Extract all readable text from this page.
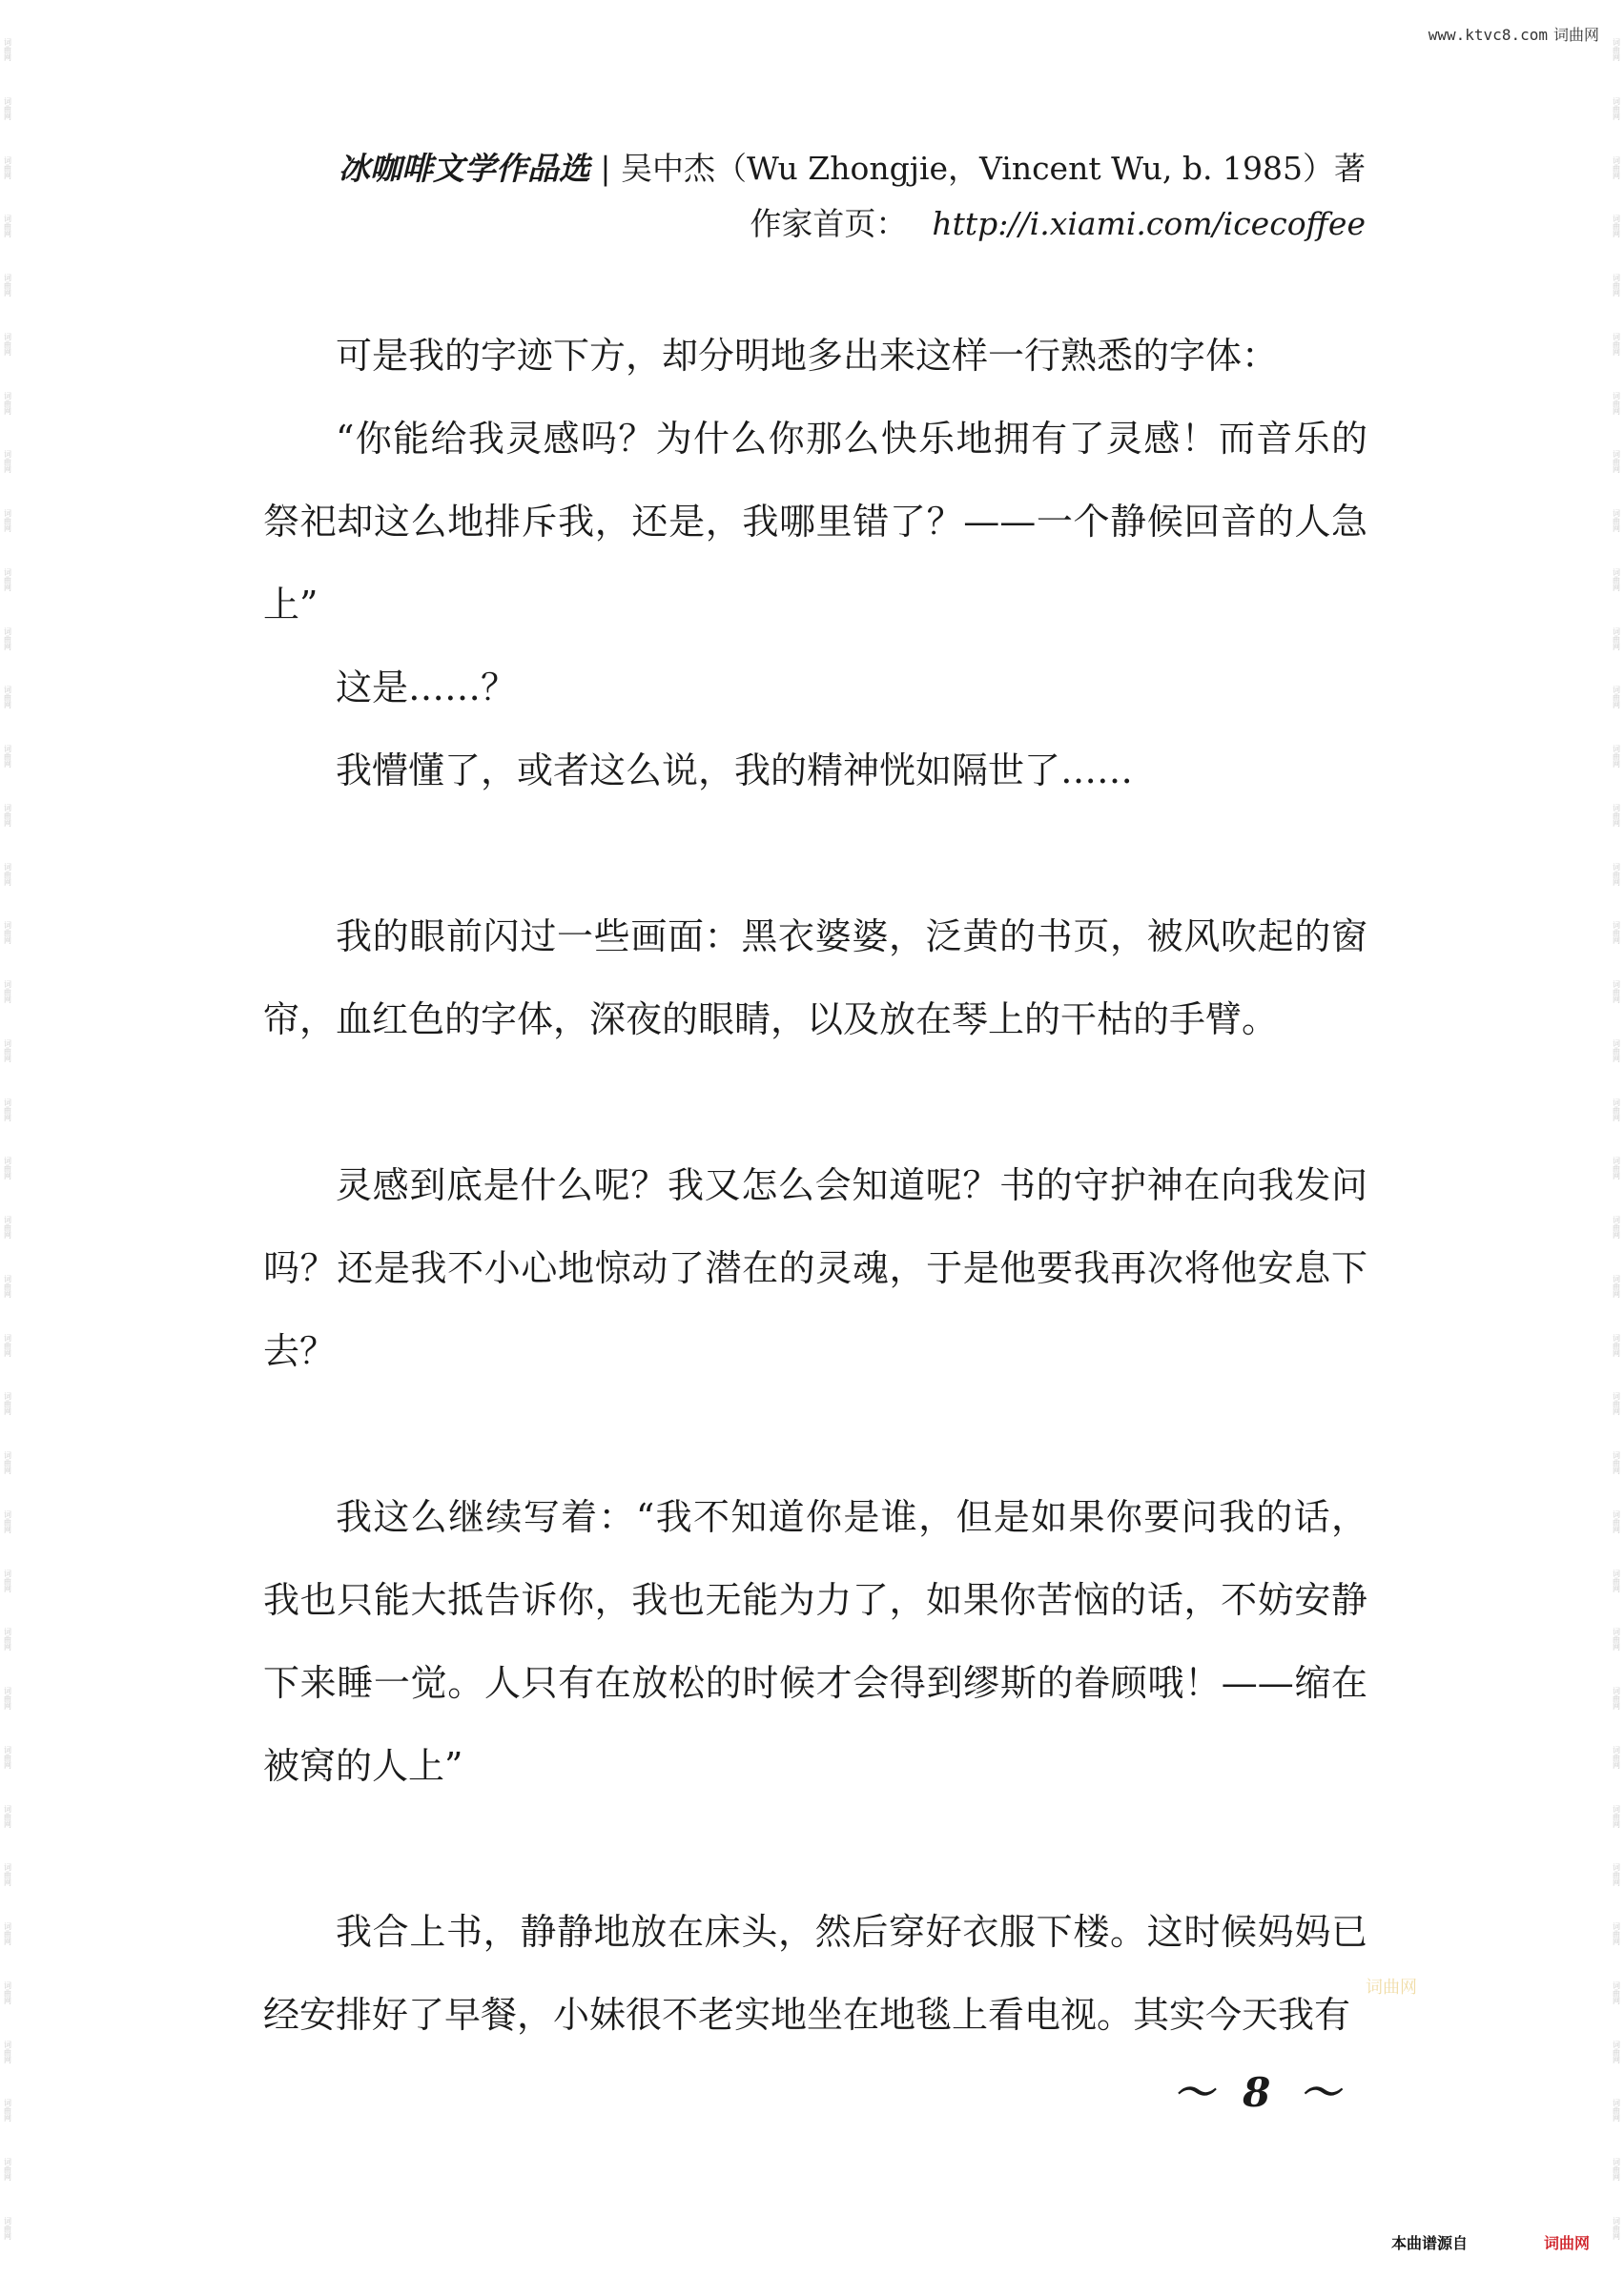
词曲网
词曲网
词曲网
词曲网
词曲网
词曲网
词曲网
词曲网
词曲网
词曲网
词曲网
词曲网
词曲网
词曲网
词曲网
词曲网
词曲网
词曲网
词曲网
词曲网
词曲网
词曲网
词曲网
词曲网
词曲网
词曲网
词曲网
词曲网
词曲网
词曲网
词曲网
词曲网
词曲网
词曲网
词曲网
词曲网
词曲网
词曲网
词曲网
词曲网
词曲网
词曲网
词曲网
词曲网
词曲网
词曲网
词曲网
词曲网
词曲网
词曲网
词曲网
词曲网
词曲网
词曲网
词曲网
词曲网
词曲网
词曲网
词曲网
词曲网
词曲网
词曲网
词曲网
词曲网
词曲网
词曲网
词曲网
词曲网
词曲网
词曲网
词曲网
词曲网
词曲网
词曲网
词曲网
词曲网
www.ktvc8.com 词曲网
冰咖啡文学作品选 | 吴中杰（Wu Zhongjie，Vincent Wu, b. 1985）著
作家首页： http://i.xiami.com/icecoffee

可是我的字迹下方，却分明地多出来这样一行熟悉的字体：

“你能给我灵感吗？为什么你那么快乐地拥有了灵感！而音乐的祭祀却这么地排斥我，还是，我哪里错了？——一个静候回音的人急上”

这是……？

我懵懂了，或者这么说，我的精神恍如隔世了……

我的眼前闪过一些画面：黑衣婆婆，泛黄的书页，被风吹起的窗帘，血红色的字体，深夜的眼睛，以及放在琴上的干枯的手臂。

灵感到底是什么呢？我又怎么会知道呢？书的守护神在向我发问吗？还是我不小心地惊动了潜在的灵魂，于是他要我再次将他安息下去？

我这么继续写着：“我不知道你是谁，但是如果你要问我的话，我也只能大抵告诉你，我也无能为力了，如果你苦恼的话，不妨安静下来睡一觉。人只有在放松的时候才会得到缪斯的眷顾哦！——缩在被窝的人上”

我合上书，静静地放在床头，然后穿好衣服下楼。这时候妈妈已经安排好了早餐，小妹很不老实地坐在地毯上看电视。其实今天我有

词曲网
～ 8 ～
本曲谱源自	词曲网
